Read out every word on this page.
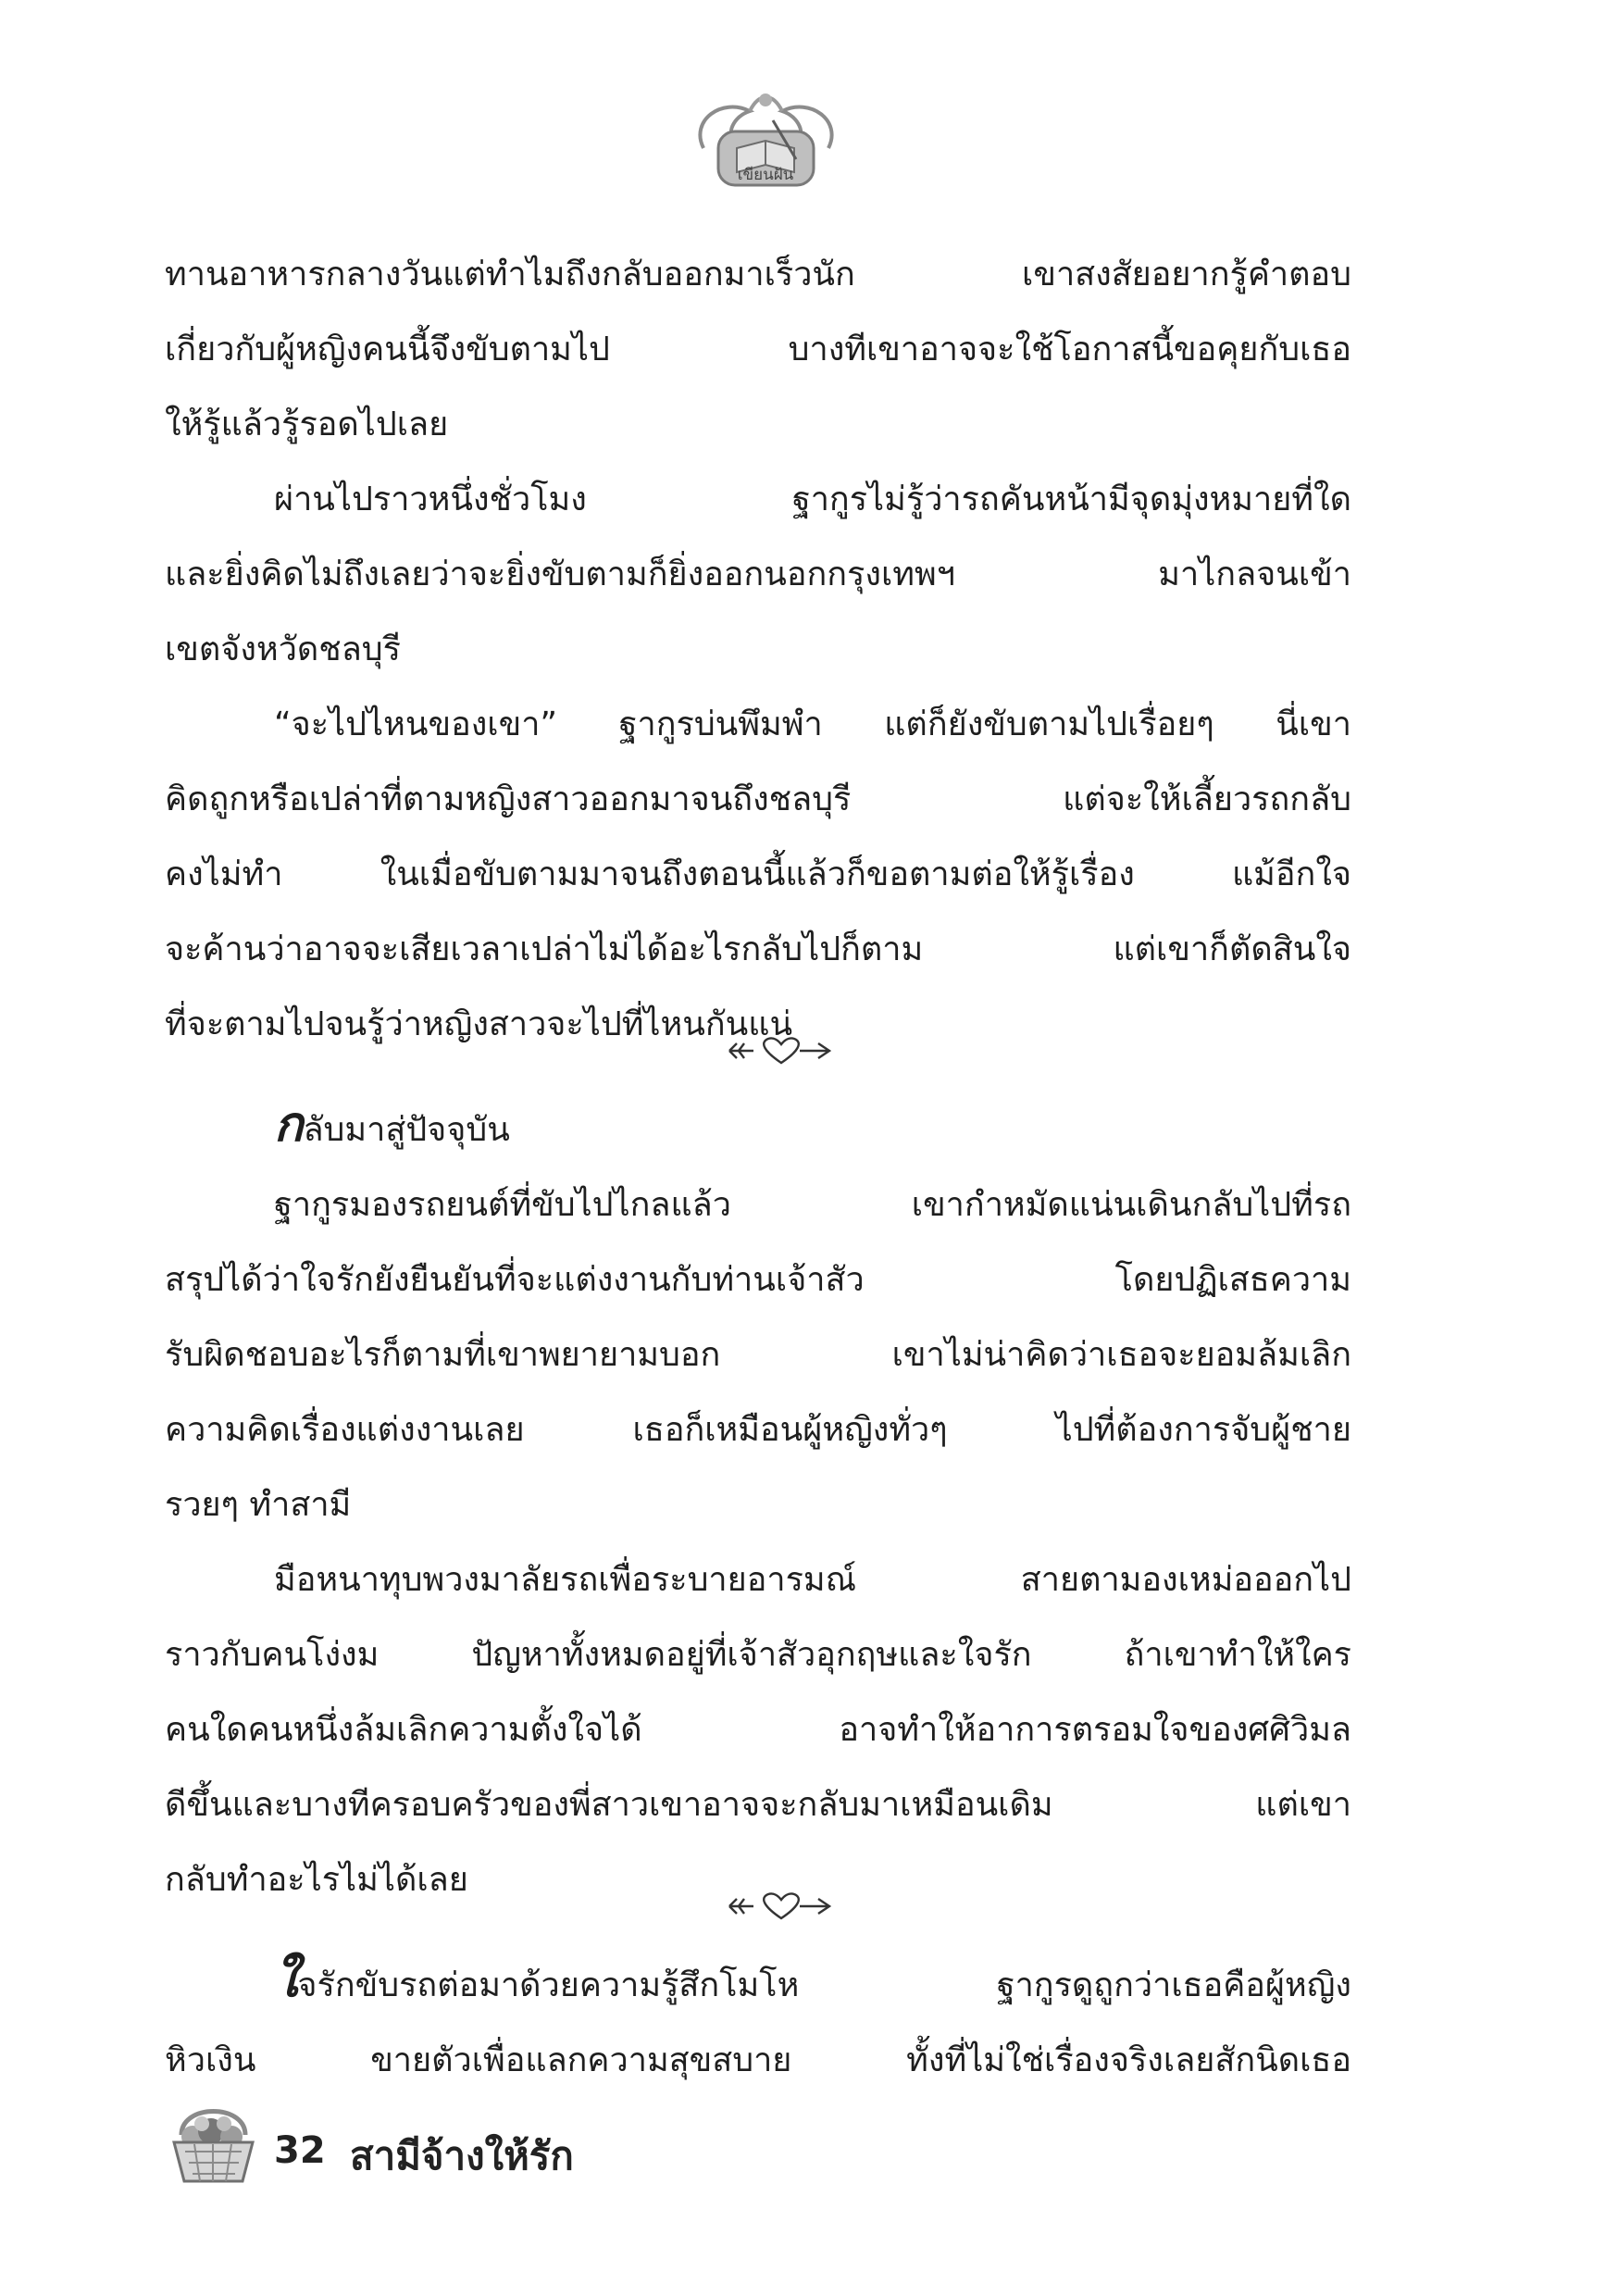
เขียนฝัน
ทานอาหารกลางวันแต่ทำไมถึงกลับออกมาเร็วนัก เขาสงสัยอยากรู้คำตอบ
เกี่ยวกับผู้หญิงคนนี้จึงขับตามไป บางทีเขาอาจจะใช้โอกาสนี้ขอคุยกับเธอ
ให้รู้แล้วรู้รอดไปเลย
ผ่านไปราวหนึ่งชั่วโมง ฐากูรไม่รู้ว่ารถคันหน้ามีจุดมุ่งหมายที่ใด
และยิ่งคิดไม่ถึงเลยว่าจะยิ่งขับตามก็ยิ่งออกนอกกรุงเทพฯ มาไกลจนเข้า
เขตจังหวัดชลบุรี
“จะไปไหนของเขา” ฐากูรบ่นพึมพำ แต่ก็ยังขับตามไปเรื่อยๆ นี่เขา
คิดถูกหรือเปล่าที่ตามหญิงสาวออกมาจนถึงชลบุรี แต่จะให้เลี้ยวรถกลับ
คงไม่ทำ ในเมื่อขับตามมาจนถึงตอนนี้แล้วก็ขอตามต่อให้รู้เรื่อง แม้อีกใจ
จะค้านว่าอาจจะเสียเวลาเปล่าไม่ได้อะไรกลับไปก็ตาม แต่เขาก็ตัดสินใจ
ที่จะตามไปจนรู้ว่าหญิงสาวจะไปที่ไหนกันแน่
กลับมาสู่ปัจจุบัน
ฐากูรมองรถยนต์ที่ขับไปไกลแล้ว เขากำหมัดแน่นเดินกลับไปที่รถ
สรุปได้ว่าใจรักยังยืนยันที่จะแต่งงานกับท่านเจ้าสัว โดยปฏิเสธความ
รับผิดชอบอะไรก็ตามที่เขาพยายามบอก เขาไม่น่าคิดว่าเธอจะยอมล้มเลิก
ความคิดเรื่องแต่งงานเลย เธอก็เหมือนผู้หญิงทั่วๆ ไปที่ต้องการจับผู้ชาย
รวยๆ ทำสามี
มือหนาทุบพวงมาลัยรถเพื่อระบายอารมณ์ สายตามองเหม่อออกไป
ราวกับคนโง่งม ปัญหาทั้งหมดอยู่ที่เจ้าสัวอุกฤษและใจรัก ถ้าเขาทำให้ใคร
คนใดคนหนึ่งล้มเลิกความตั้งใจได้ อาจทำให้อาการตรอมใจของศศิวิมล
ดีขึ้นและบางทีครอบครัวของพี่สาวเขาอาจจะกลับมาเหมือนเดิม แต่เขา
กลับทำอะไรไม่ได้เลย
ใจรักขับรถต่อมาด้วยความรู้สึกโมโห ฐากูรดูถูกว่าเธอคือผู้หญิง
หิวเงิน ขายตัวเพื่อแลกความสุขสบาย ทั้งที่ไม่ใช่เรื่องจริงเลยสักนิดเธอ
32 สามีจ้างให้รัก
